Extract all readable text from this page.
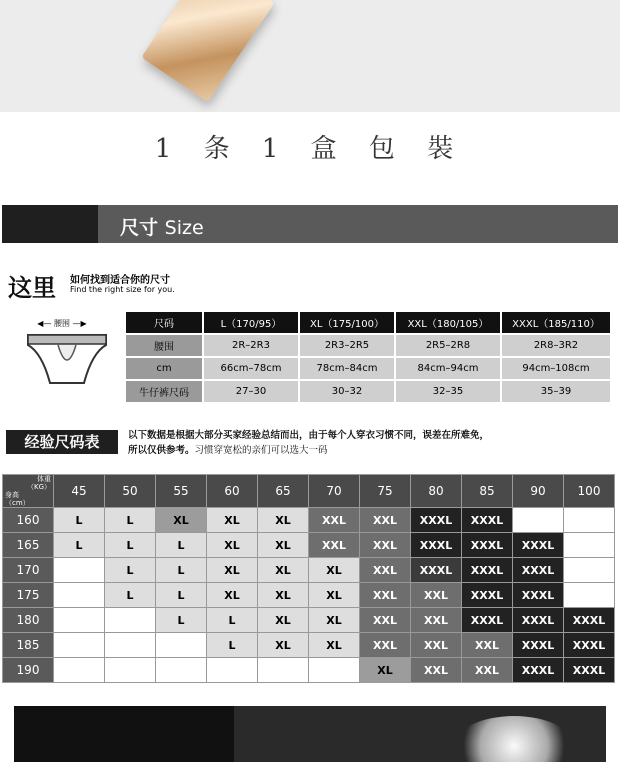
1 条 1 盒 包 裝
尺寸 Size
这里 如何找到适合你的尺寸
Find the right size for you.
◀— 腰围 —▶	尺码	L（170/95）	XL（175/100）	XXL（180/105）	XXXL（185/110）
腰围	2R–2R3	2R3–2R5	2R5–2R8	2R8–3R2
cm	66cm–78cm	78cm–84cm	84cm–94cm	94cm–108cm
牛仔裤尺码	27–30	30–32	32–35	35–39
经验尺码表	以下数据是根据大部分买家经验总结而出，由于每个人穿衣习惯不同，误差在所难免，
所以仅供参考。习惯穿宽松的亲们可以选大一码
体重
（KG）
身高
（cm）	45	50	55	60	65	70	75	80	85	90	100
160	L	L	XL	XL	XL	XXL	XXL	XXXL	XXXL		
165	L	L	L	XL	XL	XXL	XXL	XXXL	XXXL	XXXL	
170		L	L	XL	XL	XL	XXL	XXXL	XXXL	XXXL	
175		L	L	XL	XL	XL	XXL	XXL	XXXL	XXXL	
180			L	L	XL	XL	XXL	XXL	XXXL	XXXL	XXXL
185				L	XL	XL	XXL	XXL	XXL	XXXL	XXXL
190							XL	XXL	XXL	XXXL	XXXL
